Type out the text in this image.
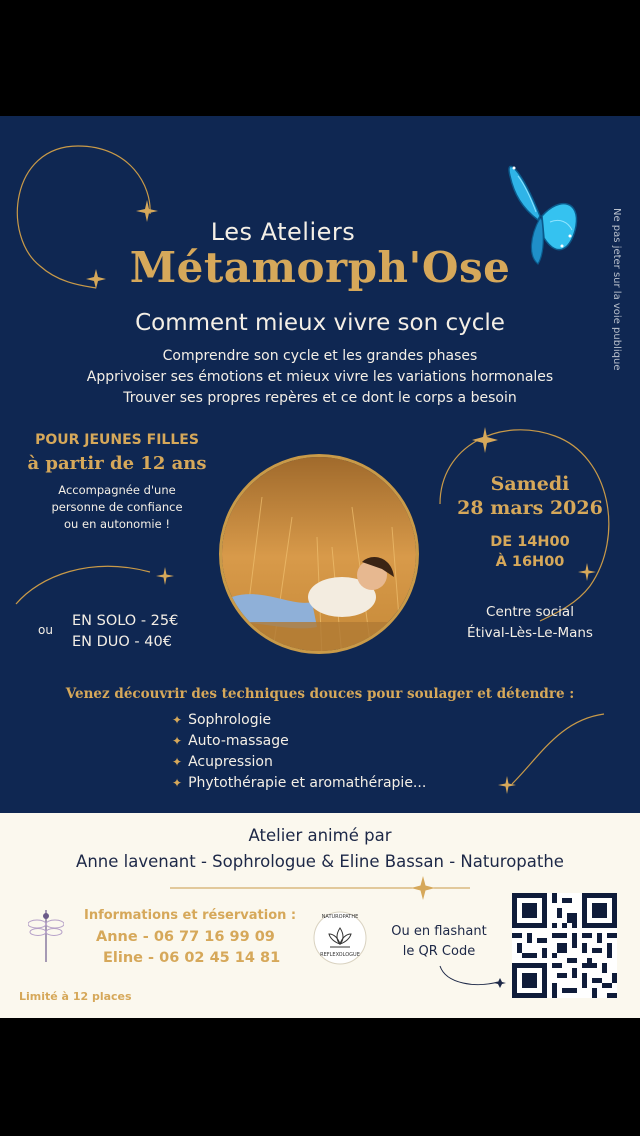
Ne pas jeter sur la voie publique
Les Ateliers
Métamorph'Ose
Comment mieux vivre son cycle
Comprendre son cycle et les grandes phases
Apprivoiser ses émotions et mieux vivre les variations hormonales
Trouver ses propres repères et ce dont le corps a besoin
POUR JEUNES FILLES
à partir de 12 ans
Accompagnée d'une
personne de confiance
ou en autonomie !
ou
EN SOLO - 25€
EN DUO - 40€
Samedi
28 mars 2026
DE 14H00
À 16H00
Centre social
Étival-Lès-Le-Mans
Venez découvrir des techniques douces pour soulager et détendre :
✦ Sophrologie
✦ Auto-massage
✦ Acupression
✦ Phytothérapie et aromathérapie...
Atelier animé par
Anne lavenant - Sophrologue & Eline Bassan - Naturopathe
Informations et réservation :
Anne - 06 77 16 99 09
Eline - 06 02 45 14 81
Limité à 12 places
NATUROPATHE
REFLEXOLOGUE
Ou en flashant
le QR Code
